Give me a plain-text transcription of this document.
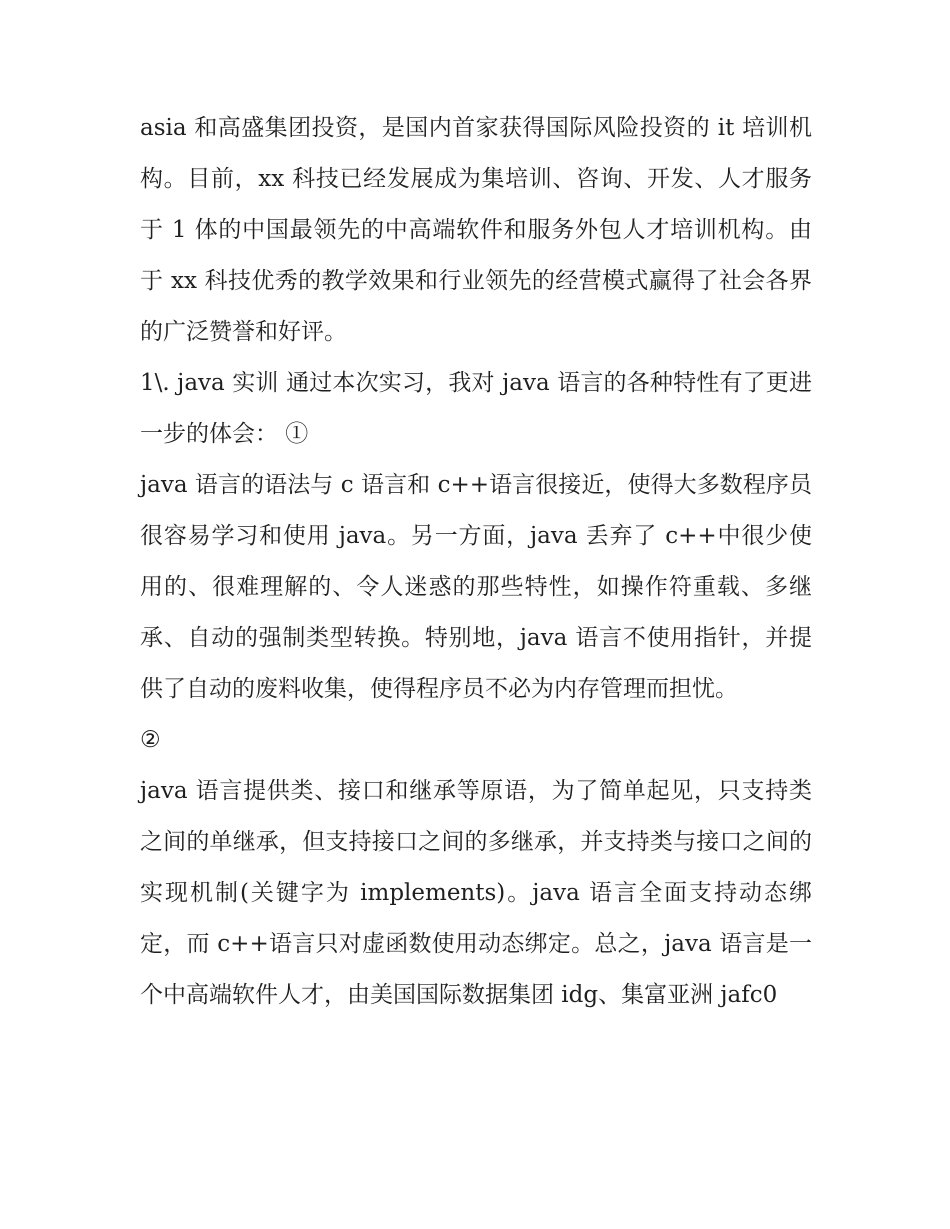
asia 和高盛集团投资，是国内首家获得国际风险投资的 it 培训机构。目前，xx 科技已经发展成为集培训、咨询、开发、人才服务于 1 体的中国最领先的中高端软件和服务外包人才培训机构。由于 xx 科技优秀的教学效果和行业领先的经营模式赢得了社会各界的广泛赞誉和好评。

1\. java 实训 通过本次实习，我对 java 语言的各种特性有了更进一步的体会： ①

java 语言的语法与 c 语言和 c++语言很接近，使得大多数程序员很容易学习和使用 java。另一方面，java 丢弃了 c++中很少使用的、很难理解的、令人迷惑的那些特性，如操作符重载、多继承、自动的强制类型转换。特别地，java 语言不使用指针，并提供了自动的废料收集，使得程序员不必为内存管理而担忧。

②

java 语言提供类、接口和继承等原语，为了简单起见，只支持类之间的单继承，但支持接口之间的多继承，并支持类与接口之间的实现机制(关键字为 implements)。java 语言全面支持动态绑定，而 c++语言只对虚函数使用动态绑定。总之，java 语言是一个中高端软件人才，由美国国际数据集团 idg、集富亚洲 jafc0
